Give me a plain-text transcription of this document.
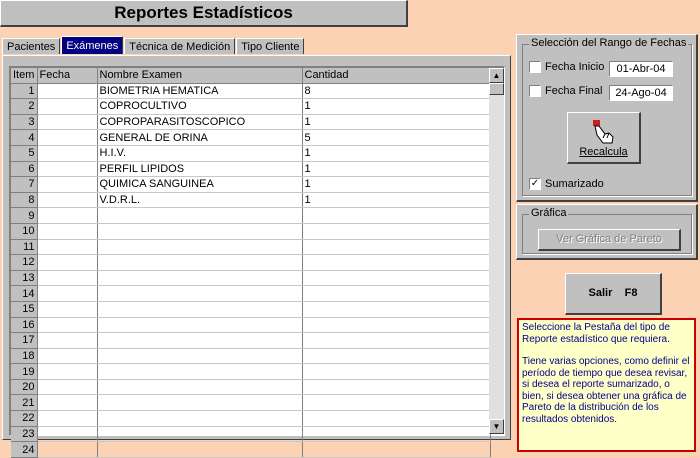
Reportes Estadísticos
Pacientes	Exámenes	Técnica de Medición	Tipo Cliente
Item	Fecha	Nombre Examen	Cantidad
1		BIOMETRIA HEMATICA	8
2		COPROCULTIVO	1
3		COPROPARASITOSCOPICO	1
4		GENERAL DE ORINA	5
5		H.I.V.	1
6		PERFIL LIPIDOS	1
7		QUIMICA SANGUINEA	1
8		V.D.R.L.	1
9			
10			
11			
12			
13			
14			
15			
16			
17			
18			
19			
20			
21			
22			
23			
24			
▲
▼
Selección del Rango de Fechas
Fecha Inicio	01-Abr-04
Fecha Final	24-Ago-04
Recalcula
✓ Sumarizado
Gráfica
Ver Gráfica de Pareto
Salir    F8

Seleccione la Pestaña del tipo de Reporte estadístico que requiera.

Tiene varias opciones, como definir el período de tiempo que desea revisar, si desea el reporte sumarizado, o bien, si desea obtener una gráfica de Pareto de la distribución de los resultados obtenidos.
